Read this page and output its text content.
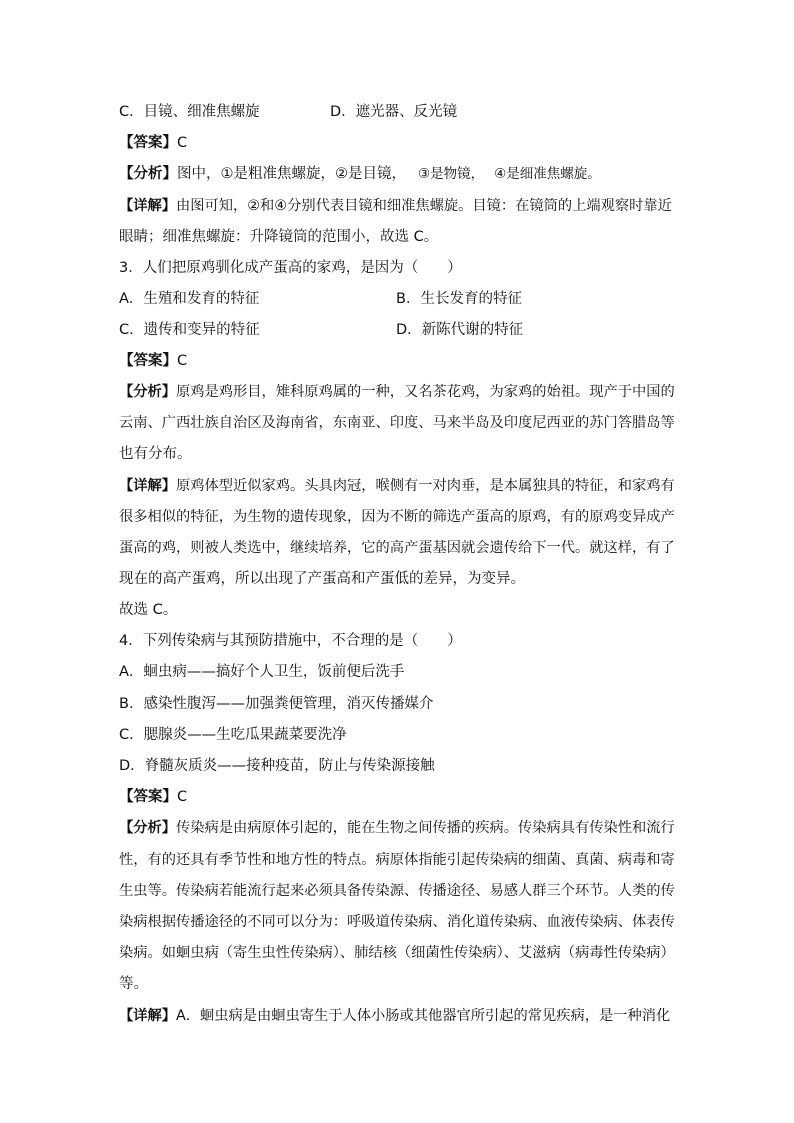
C．目镜、细准焦螺旋	D．遮光器、反光镜
【答案】C
【分析】图中，①是粗准焦螺旋，②是目镜， ③是物镜， ④是细准焦螺旋。
【详解】由图可知，②和④分别代表目镜和细准焦螺旋。目镜：在镜筒的上端观察时靠近
眼睛；细准焦螺旋：升降镜筒的范围小，故选 C。
3．人们把原鸡驯化成产蛋高的家鸡，是因为（　　）
A．生殖和发育的特征	B．生长发育的特征
C．遗传和变异的特征	D．新陈代谢的特征
【答案】C
【分析】原鸡是鸡形目，雉科原鸡属的一种，又名茶花鸡，为家鸡的始祖。现产于中国的
云南、广西壮族自治区及海南省，东南亚、印度、马来半岛及印度尼西亚的苏门答腊岛等
也有分布。
【详解】原鸡体型近似家鸡。头具肉冠，喉侧有一对肉垂，是本属独具的特征，和家鸡有
很多相似的特征，为生物的遗传现象，因为不断的筛选产蛋高的原鸡，有的原鸡变异成产
蛋高的鸡，则被人类选中，继续培养，它的高产蛋基因就会遗传给下一代。就这样，有了
现在的高产蛋鸡，所以出现了产蛋高和产蛋低的差异，为变异。
故选 C。
4．下列传染病与其预防措施中，不合理的是（　　）
A．蛔虫病——搞好个人卫生，饭前便后洗手
B．感染性腹泻——加强粪便管理，消灭传播媒介
C．腮腺炎——生吃瓜果蔬菜要洗净
D．脊髓灰质炎——接种疫苗，防止与传染源接触
【答案】C
【分析】传染病是由病原体引起的，能在生物之间传播的疾病。传染病具有传染性和流行
性，有的还具有季节性和地方性的特点。病原体指能引起传染病的细菌、真菌、病毒和寄
生虫等。传染病若能流行起来必须具备传染源、传播途径、易感人群三个环节。人类的传
染病根据传播途径的不同可以分为：呼吸道传染病、消化道传染病、血液传染病、体表传
染病。如蛔虫病（寄生虫性传染病）、肺结核（细菌性传染病）、艾滋病（病毒性传染病）
等。
【详解】A．蛔虫病是由蛔虫寄生于人体小肠或其他器官所引起的常见疾病，是一种消化
